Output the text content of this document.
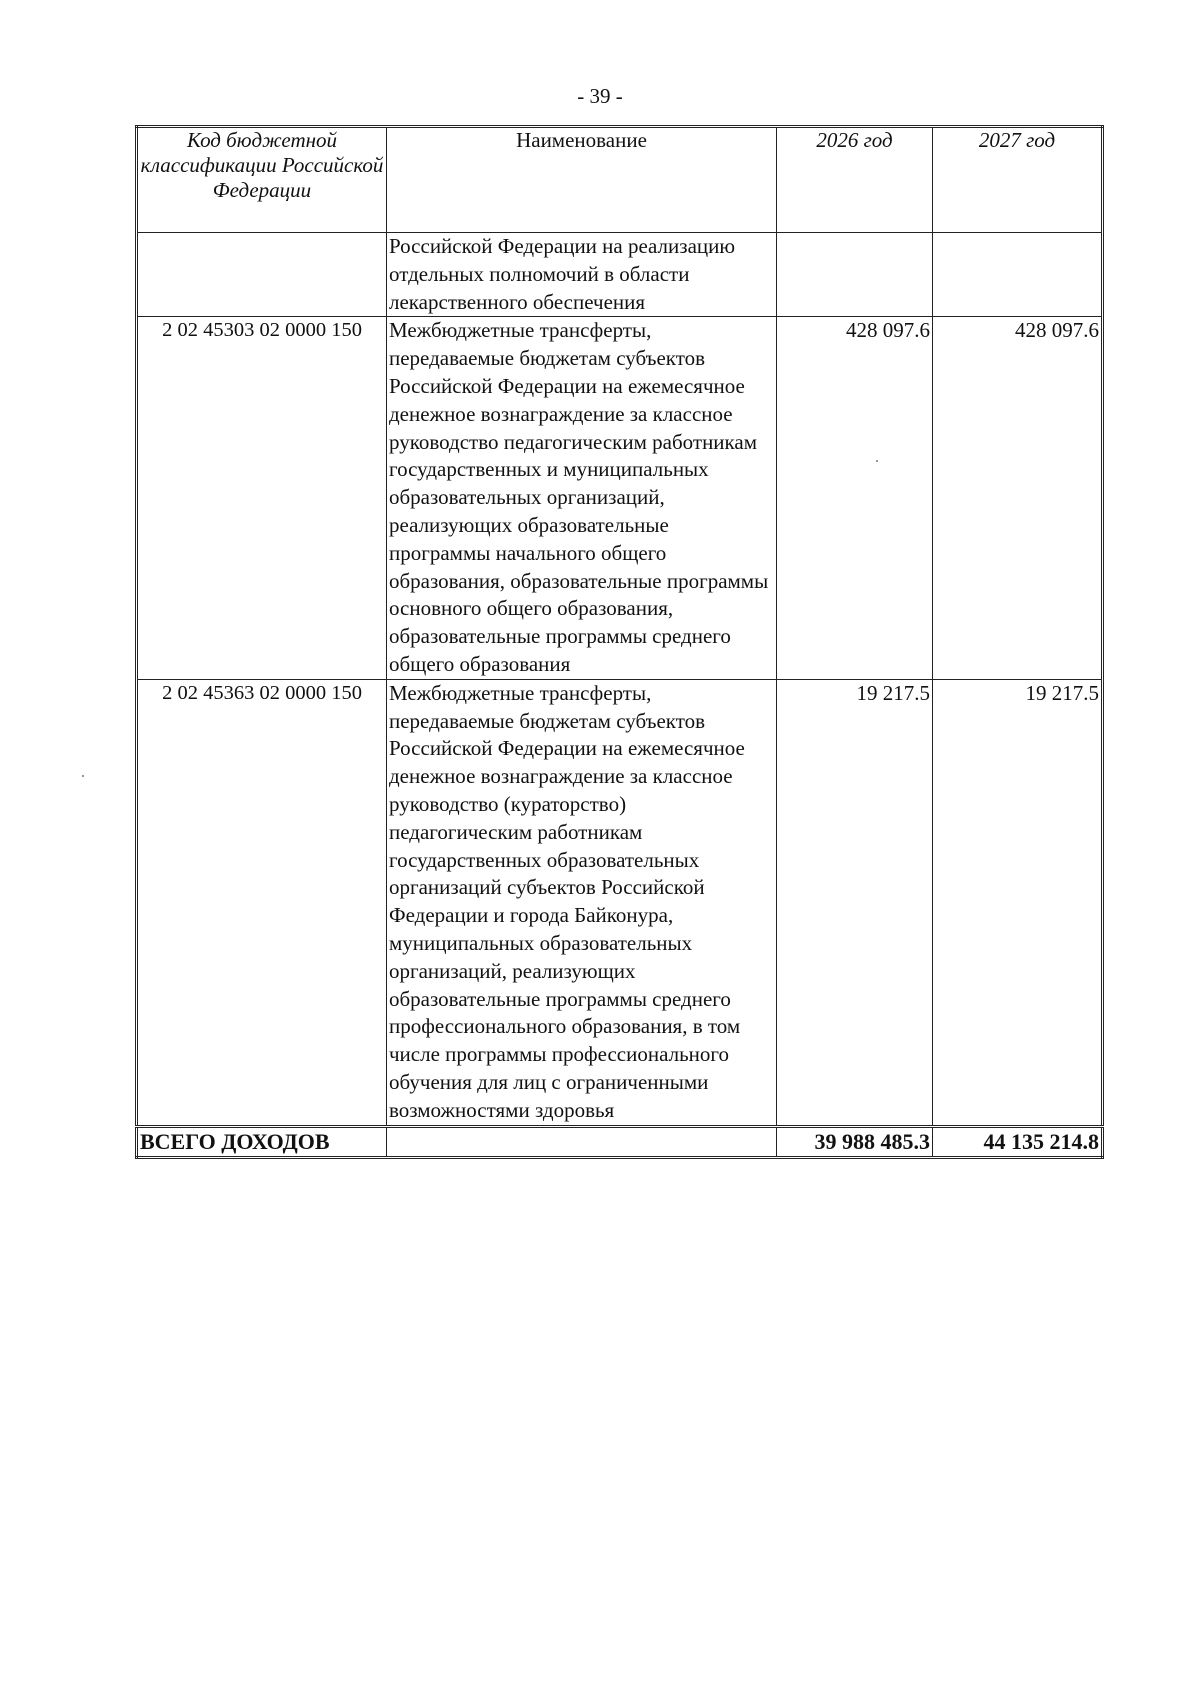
- 39 -
Код бюджетной классификации Российской Федерации	Наименование	2026 год	2027 год
	Российской Федерации на реализацию отдельных полномочий в области лекарственного обеспечения		
2 02 45303 02 0000 150	Межбюджетные трансферты, передаваемые бюджетам субъектов Российской Федерации на ежемесячное денежное вознаграждение за классное руководство педагогическим работникам государственных и муниципальных образовательных организаций, реализующих образовательные программы начального общего образования, образовательные программы основного общего образования, образовательные программы среднего общего образования	428 097.6	428 097.6
2 02 45363 02 0000 150	Межбюджетные трансферты, передаваемые бюджетам субъектов Российской Федерации на ежемесячное денежное вознаграждение за классное руководство (кураторство) педагогическим работникам государственных образовательных организаций субъектов Российской Федерации и города Байконура, муниципальных образовательных организаций, реализующих образовательные программы среднего профессионального образования, в том числе программы профессионального обучения для лиц с ограниченными возможностями здоровья	19 217.5	19 217.5
ВСЕГО ДОХОДОВ		39 988 485.3	44 135 214.8
